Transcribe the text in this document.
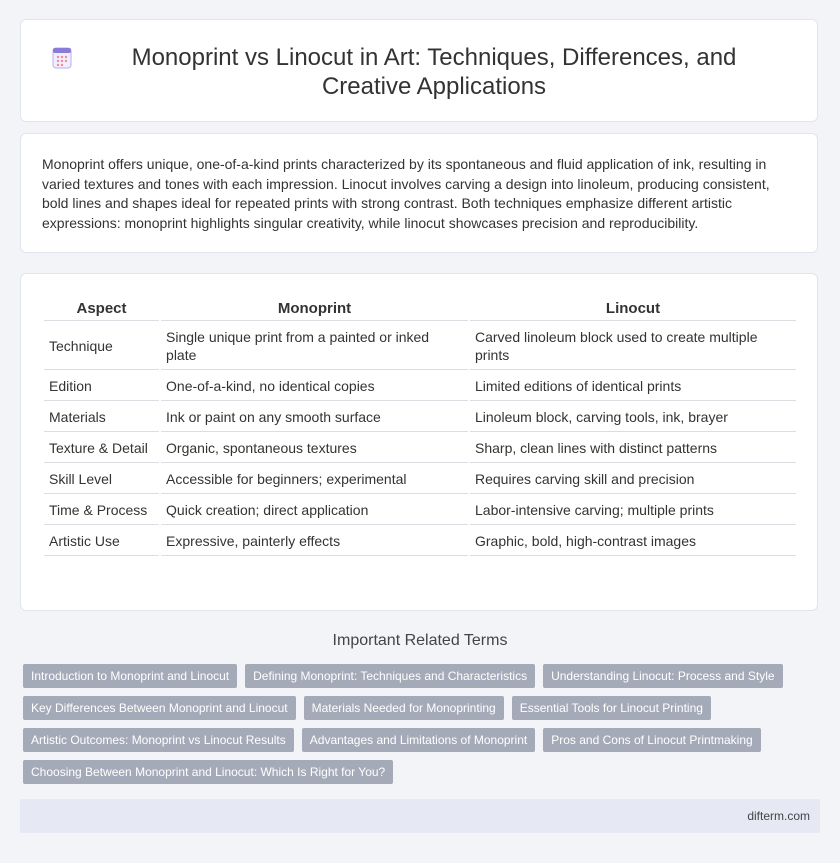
Monoprint vs Linocut in Art: Techniques, Differences, and Creative Applications

Monoprint offers unique, one-of-a-kind prints characterized by its spontaneous and fluid application of ink, resulting in varied textures and tones with each impression. Linocut involves carving a design into linoleum, producing consistent, bold lines and shapes ideal for repeated prints with strong contrast. Both techniques emphasize different artistic expressions: monoprint highlights singular creativity, while linocut showcases precision and reproducibility.

Aspect	Monoprint	Linocut
Technique	Single unique print from a painted or inked plate	Carved linoleum block used to create multiple prints
Edition	One-of-a-kind, no identical copies	Limited editions of identical prints
Materials	Ink or paint on any smooth surface	Linoleum block, carving tools, ink, brayer
Texture & Detail	Organic, spontaneous textures	Sharp, clean lines with distinct patterns
Skill Level	Accessible for beginners; experimental	Requires carving skill and precision
Time & Process	Quick creation; direct application	Labor-intensive carving; multiple prints
Artistic Use	Expressive, painterly effects	Graphic, bold, high-contrast images
Important Related Terms
Introduction to Monoprint and Linocut	Defining Monoprint: Techniques and Characteristics	Understanding Linocut: Process and Style
Key Differences Between Monoprint and Linocut	Materials Needed for Monoprinting	Essential Tools for Linocut Printing
Artistic Outcomes: Monoprint vs Linocut Results	Advantages and Limitations of Monoprint	Pros and Cons of Linocut Printmaking
Choosing Between Monoprint and Linocut: Which Is Right for You?
difterm.com
